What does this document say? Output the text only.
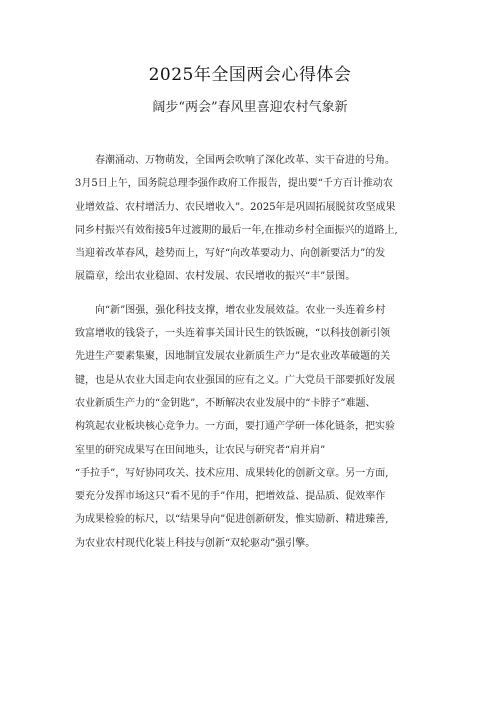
2025年全国两会心得体会
阔步“两会”春风里喜迎农村气象新
春潮涌动、万物萌发，全国两会吹响了深化改革、实干奋进的号角。
3月5日上午，国务院总理李强作政府工作报告，提出要“千方百计推动农
业增效益、农村增活力、农民增收入”。2025年是巩固拓展脱贫攻坚成果
同乡村振兴有效衔接5年过渡期的最后一年,在推动乡村全面振兴的道路上,
当迎着改革春风，趁势而上，写好“向改革要动力、向创新要活力”的发
展篇章，绘出农业稳固、农村发展、农民增收的振兴“丰”景图。
向“新”图强，强化科技支撑，增农业发展效益。农业一头连着乡村
致富增收的钱袋子，一头连着事关国计民生的铁饭碗，“以科技创新引领
先进生产要素集聚，因地制宜发展农业新质生产力”是农业改革破题的关
键，也是从农业大国走向农业强国的应有之义。广大党员干部要抓好发展
农业新质生产力的“金钥匙”，不断解决农业发展中的“卡脖子”难题、
构筑起农业板块核心竞争力。一方面，要打通产学研一体化链条，把实验
室里的研究成果写在田间地头，让农民与研究者“肩并肩”
“手拉手”，写好协同攻关、技术应用、成果转化的创新文章。另一方面,
要充分发挥市场这只“看不见的手”作用，把增效益、提品质、促效率作
为成果检验的标尺，以“结果导向”促进创新研发，惟实励新、精进臻善,
为农业农村现代化装上科技与创新“双轮驱动”强引擎。
